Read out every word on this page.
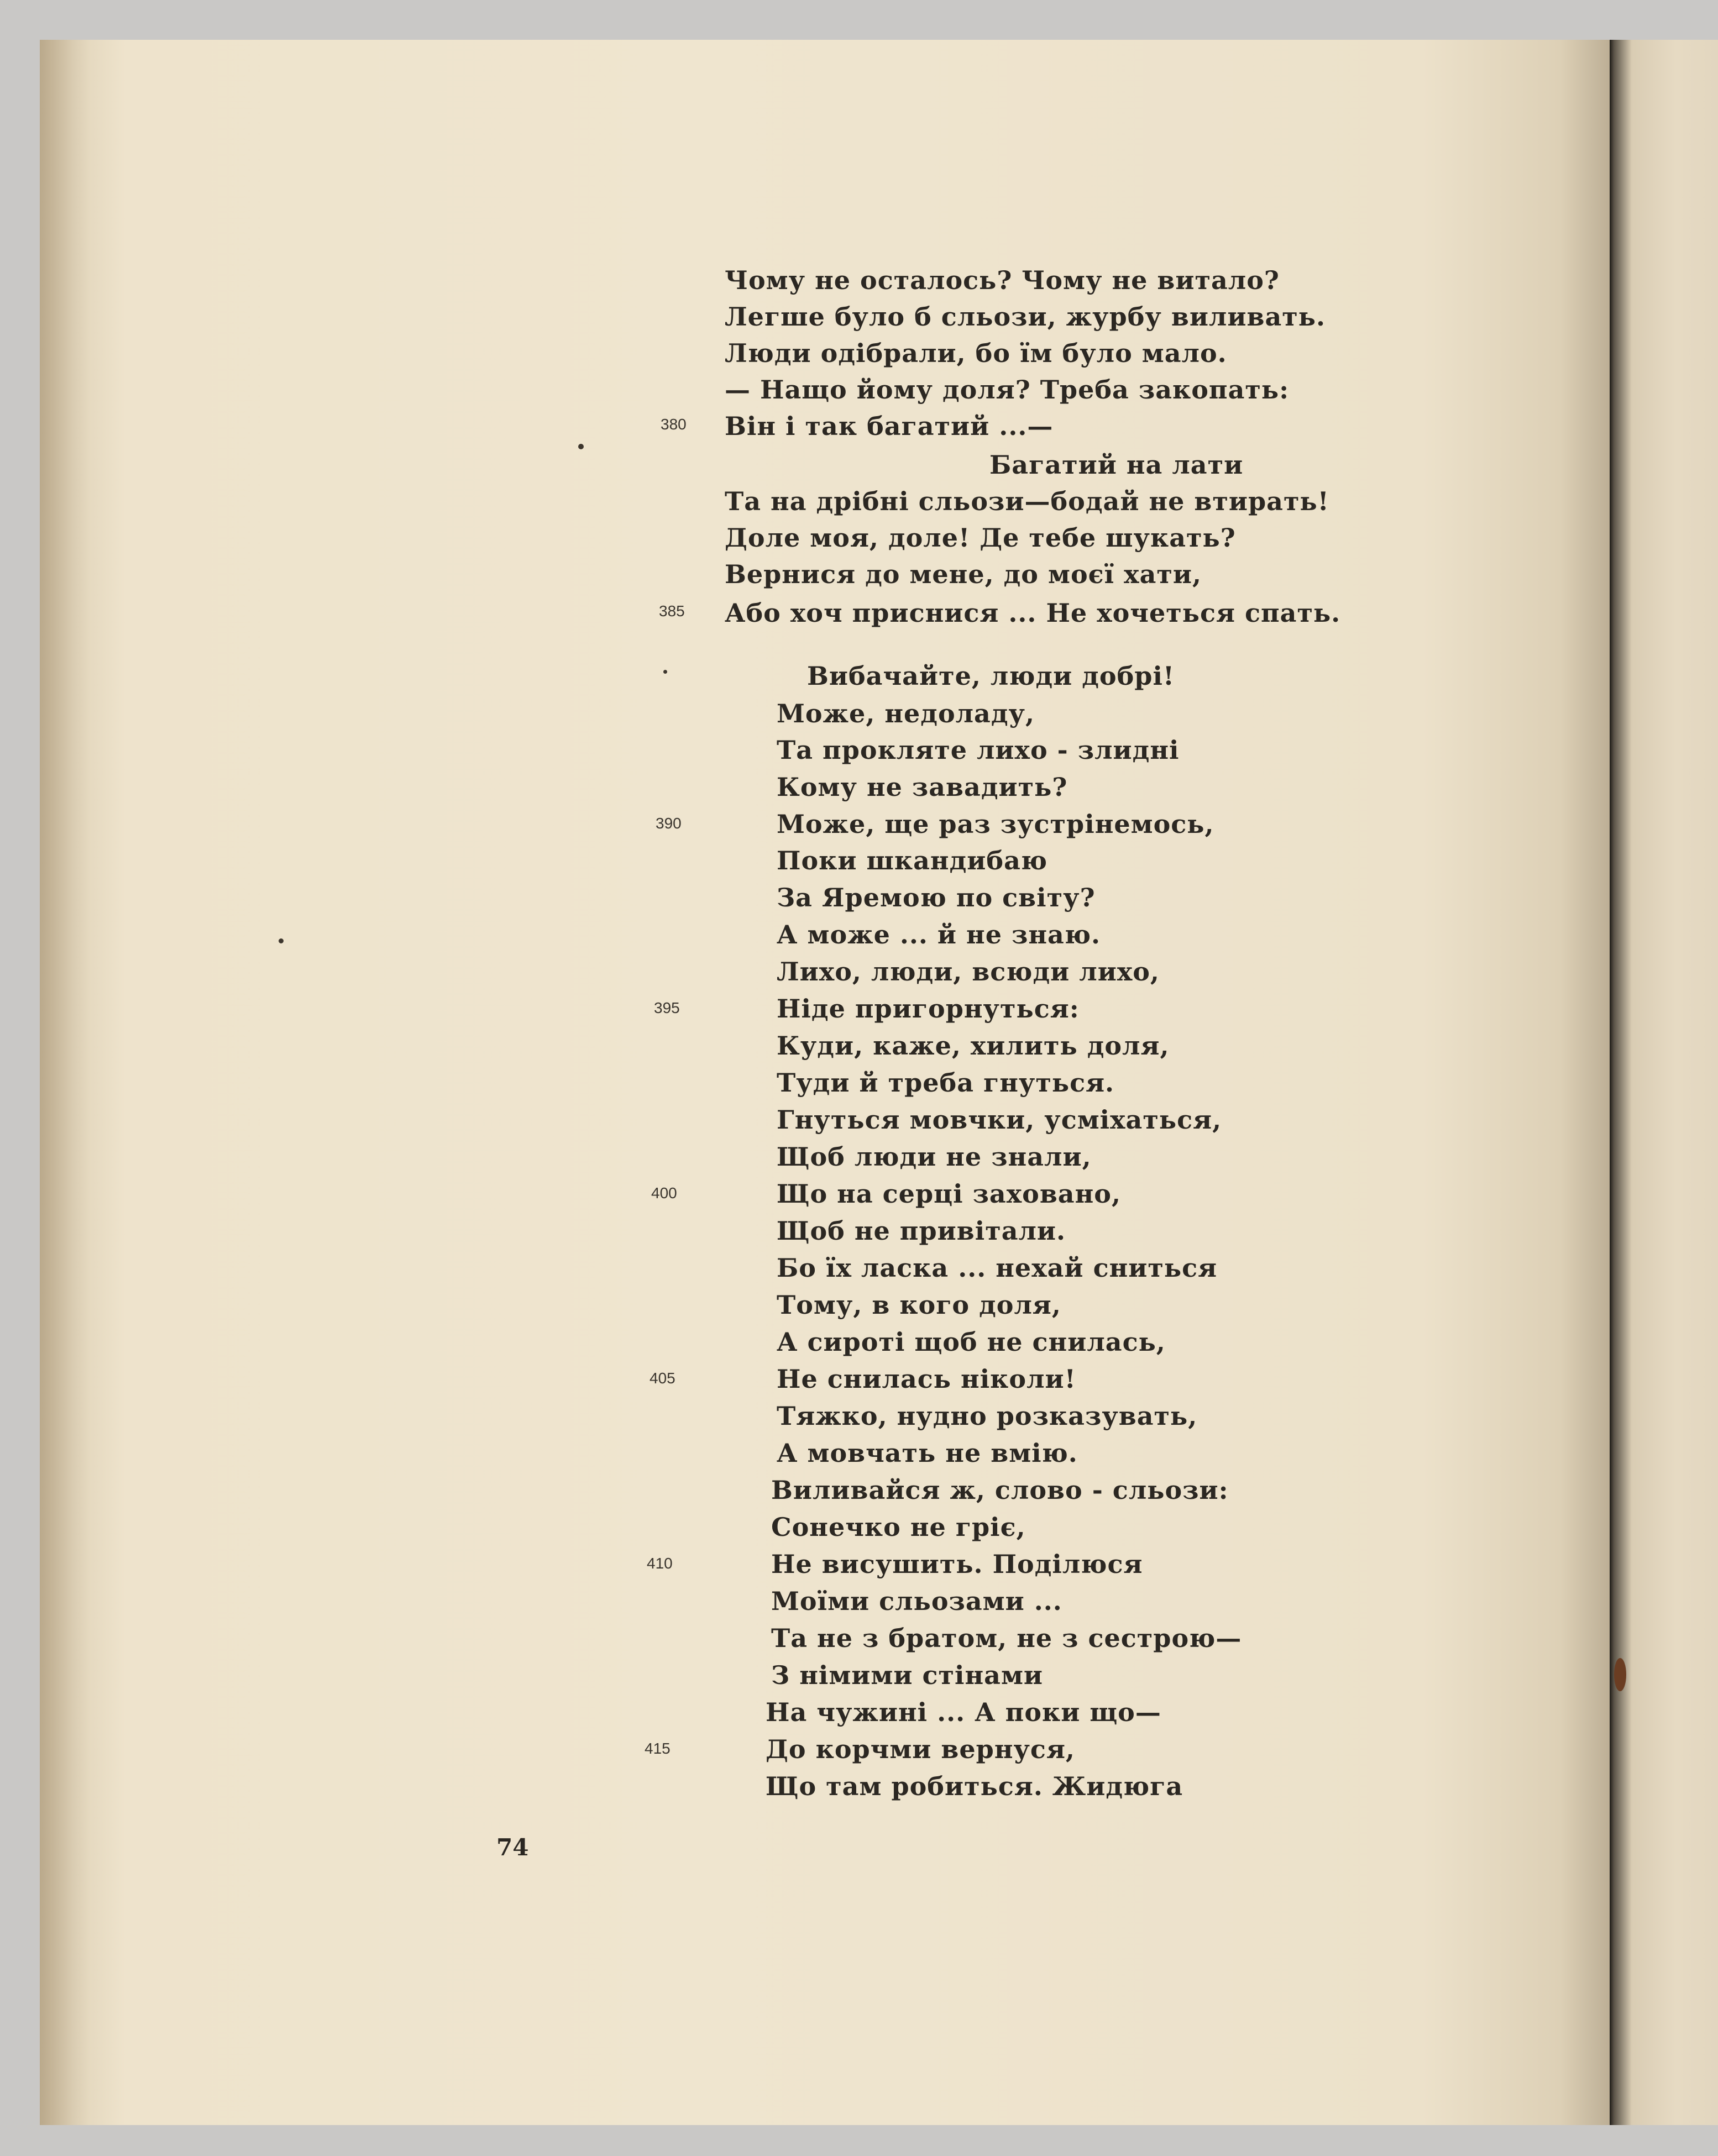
Чому не осталось? Чому не витало?
Легше було б сльози, журбу виливать.
Люди одібрали, бо їм було мало.
— Нащо йому доля? Треба закопать:
Він і так багатий ...—
Багатий на лати
Та на дрібні сльози—бодай не втирать!
Доле моя, доле! Де тебе шукать?
Вернися до мене, до моєї хати,
Або хоч приснися ... Не хочеться спать.
Вибачайте, люди добрі!
Може, недоладу,
Та прокляте лихо - злидні
Кому не завадить?
Може, ще раз зустрінемось,
Поки шкандибаю
За Яремою по світу?
А може ... й не знаю.
Лихо, люди, всюди лихо,
Ніде пригорнуться:
Куди, каже, хилить доля,
Туди й треба гнуться.
Гнуться мовчки, усміхаться,
Щоб люди не знали,
Що на серці заховано,
Щоб не привітали.
Бо їх ласка ... нехай сниться
Тому, в кого доля,
А сироті щоб не снилась,
Не снилась ніколи!
Тяжко, нудно розказувать,
А мовчать не вмію.
Виливайся ж, слово - сльози:
Сонечко не гріє,
Не висушить. Поділюся
Моїми сльозами ...
Та не з братом, не з сестрою—
З німими стінами
На чужині ... А поки що—
До корчми вернуся,
Що там робиться. Жидюга
380
385
390
395
400
405
410
415
74
